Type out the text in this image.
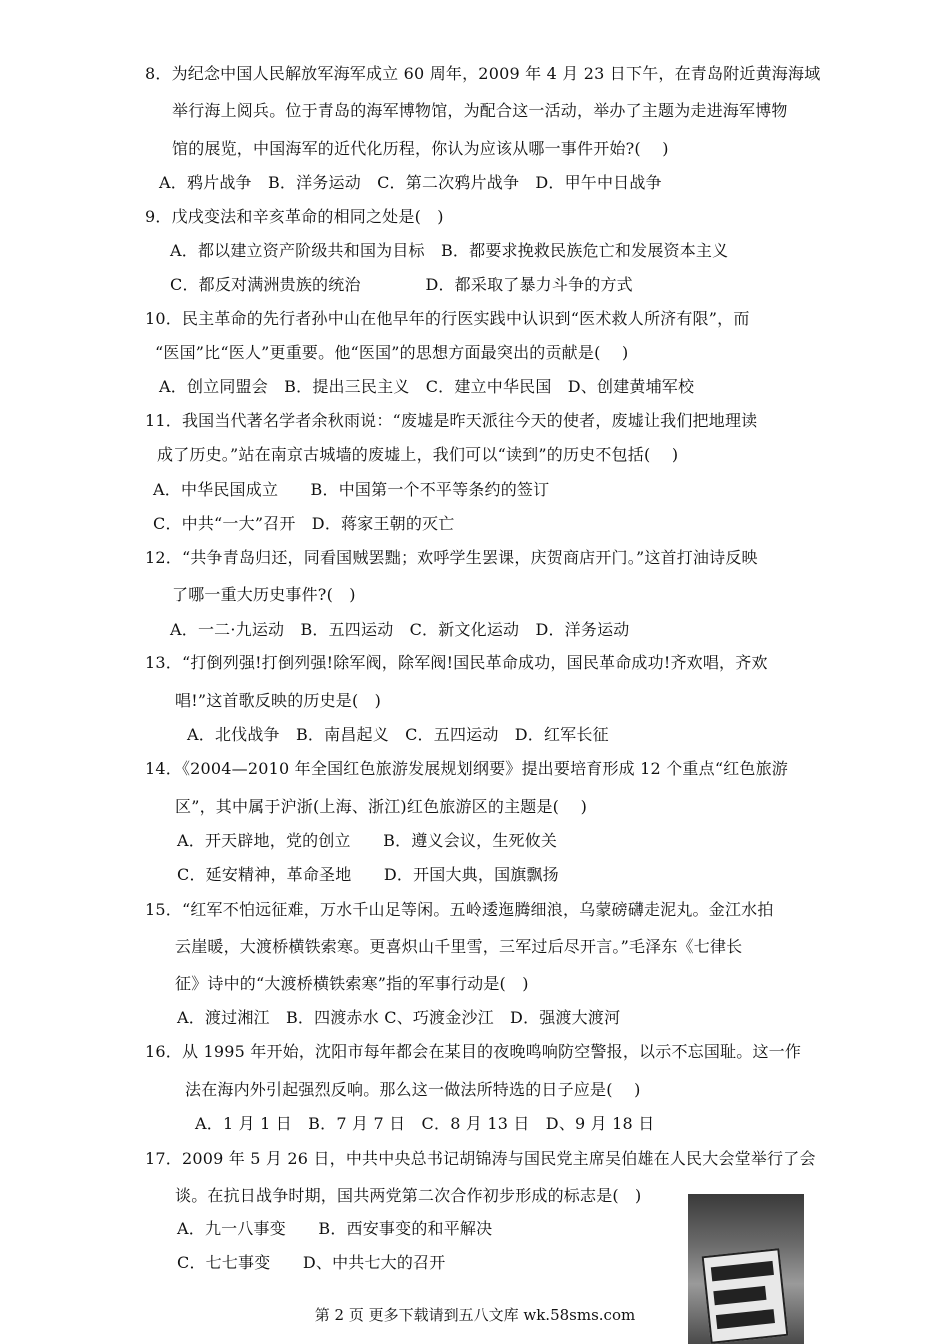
8．为纪念中国人民解放军海军成立 60 周年，2009 年 4 月 23 日下午，在青岛附近黄海海域
举行海上阅兵。位于青岛的海军博物馆，为配合这一活动，举办了主题为走进海军博物
馆的展览，中国海军的近代化历程，你认为应该从哪一事件开始?(　 )
A．鸦片战争　B．洋务运动　C．第二次鸦片战争　D．甲午中日战争
9．戊戌变法和辛亥革命的相同之处是(　)
A．都以建立资产阶级共和国为目标　B．都要求挽救民族危亡和发展资本主义
C．都反对满洲贵族的统治　　　　D．都采取了暴力斗争的方式
10．民主革命的先行者孙中山在他早年的行医实践中认识到“医术救人所济有限”，而
“医国”比“医人”更重要。他“医国”的思想方面最突出的贡献是(　 )
A．创立同盟会　B．提出三民主义　C．建立中华民国　D、创建黄埔军校
11．我国当代著名学者余秋雨说：“废墟是昨天派往今天的使者，废墟让我们把地理读
成了历史。”站在南京古城墙的废墟上，我们可以“读到”的历史不包括(　 )
A．中华民国成立　　B．中国第一个不平等条约的签订
C．中共“一大”召开　D．蒋家王朝的灭亡
12．“共争青岛归还，同看国贼罢黜；欢呼学生罢课，庆贺商店开门。”这首打油诗反映
了哪一重大历史事件?(　)
A．一二·九运动　B．五四运动　C．新文化运动　D．洋务运动
13．“打倒列强!打倒列强!除军阀，除军阀!国民革命成功，国民革命成功!齐欢唱，齐欢
唱!”这首歌反映的历史是(　)
A．北伐战争　B．南昌起义　C．五四运动　D．红军长征
14．《2004—2010 年全国红色旅游发展规划纲要》提出要培育形成 12 个重点“红色旅游
区”，其中属于沪浙(上海、浙江)红色旅游区的主题是(　 )
A．开天辟地，党的创立　　B．遵义会议，生死攸关
C．延安精神，革命圣地　　D．开国大典，国旗飘扬
15．“红军不怕远征难，万水千山足等闲。五岭逶迤腾细浪，乌蒙磅礴走泥丸。金江水拍
云崖暖，大渡桥横铁索寒。更喜炽山千里雪，三军过后尽开言。”毛泽东《七律长
征》诗中的“大渡桥横铁索寒”指的军事行动是(　)
A．渡过湘江　B．四渡赤水 C、巧渡金沙江　D．强渡大渡河
16．从 1995 年开始，沈阳市每年都会在某目的夜晚鸣响防空警报，以示不忘国耻。这一作
法在海内外引起强烈反响。那么这一做法所特选的日子应是(　 )
A．1 月 1 日　B．7 月 7 日　C．8 月 13 日　D、9 月 18 日
17．2009 年 5 月 26 日，中共中央总书记胡锦涛与国民党主席吴伯雄在人民大会堂举行了会
谈。在抗日战争时期，国共两党第二次合作初步形成的标志是(　)
A．九一八事变　　B．西安事变的和平解决
C．七七事变　　D、中共七大的召开
第 2 页 更多下载请到五八文库 wk.58sms.com
